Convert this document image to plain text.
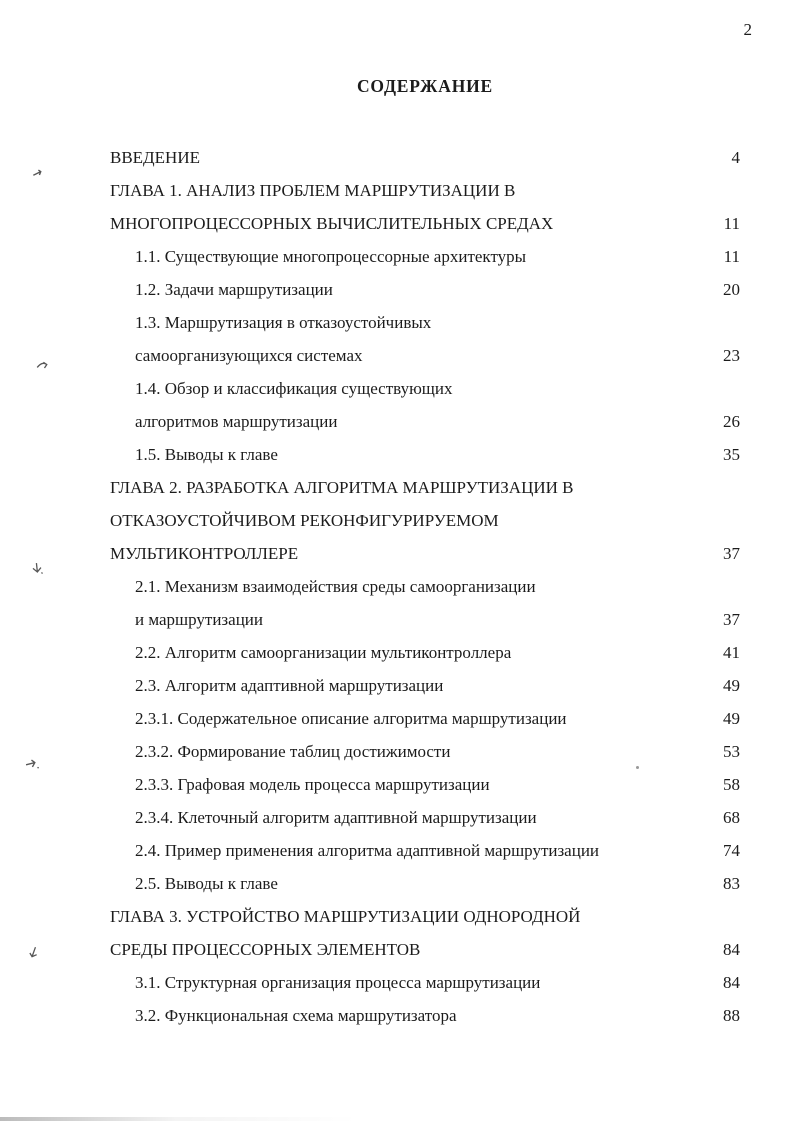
2
СОДЕРЖАНИЕ
ВВЕДЕНИЕ	4
ГЛАВА 1. АНАЛИЗ ПРОБЛЕМ МАРШРУТИЗАЦИИ В
МНОГОПРОЦЕССОРНЫХ ВЫЧИСЛИТЕЛЬНЫХ СРЕДАХ	11
1.1. Существующие многопроцессорные архитектуры	11
1.2. Задачи маршрутизации	20
1.3. Маршрутизация в отказоустойчивых
самоорганизующихся системах	23
1.4. Обзор и классификация существующих
алгоритмов маршрутизации	26
1.5. Выводы к главе	35
ГЛАВА 2. РАЗРАБОТКА АЛГОРИТМА МАРШРУТИЗАЦИИ В
ОТКАЗОУСТОЙЧИВОМ РЕКОНФИГУРИРУЕМОМ
МУЛЬТИКОНТРОЛЛЕРЕ	37
2.1. Механизм взаимодействия среды самоорганизации
и маршрутизации	37
2.2. Алгоритм самоорганизации мультиконтроллера	41
2.3. Алгоритм адаптивной маршрутизации	49
2.3.1. Содержательное описание алгоритма маршрутизации	49
2.3.2. Формирование таблиц достижимости	53
2.3.3. Графовая модель процесса маршрутизации	58
2.3.4. Клеточный алгоритм адаптивной маршрутизации	68
2.4. Пример применения алгоритма адаптивной маршрутизации	74
2.5. Выводы к главе	83
ГЛАВА 3. УСТРОЙСТВО МАРШРУТИЗАЦИИ ОДНОРОДНОЙ
СРЕДЫ ПРОЦЕССОРНЫХ ЭЛЕМЕНТОВ	84
3.1. Структурная организация процесса маршрутизации	84
3.2. Функциональная схема маршрутизатора	88
